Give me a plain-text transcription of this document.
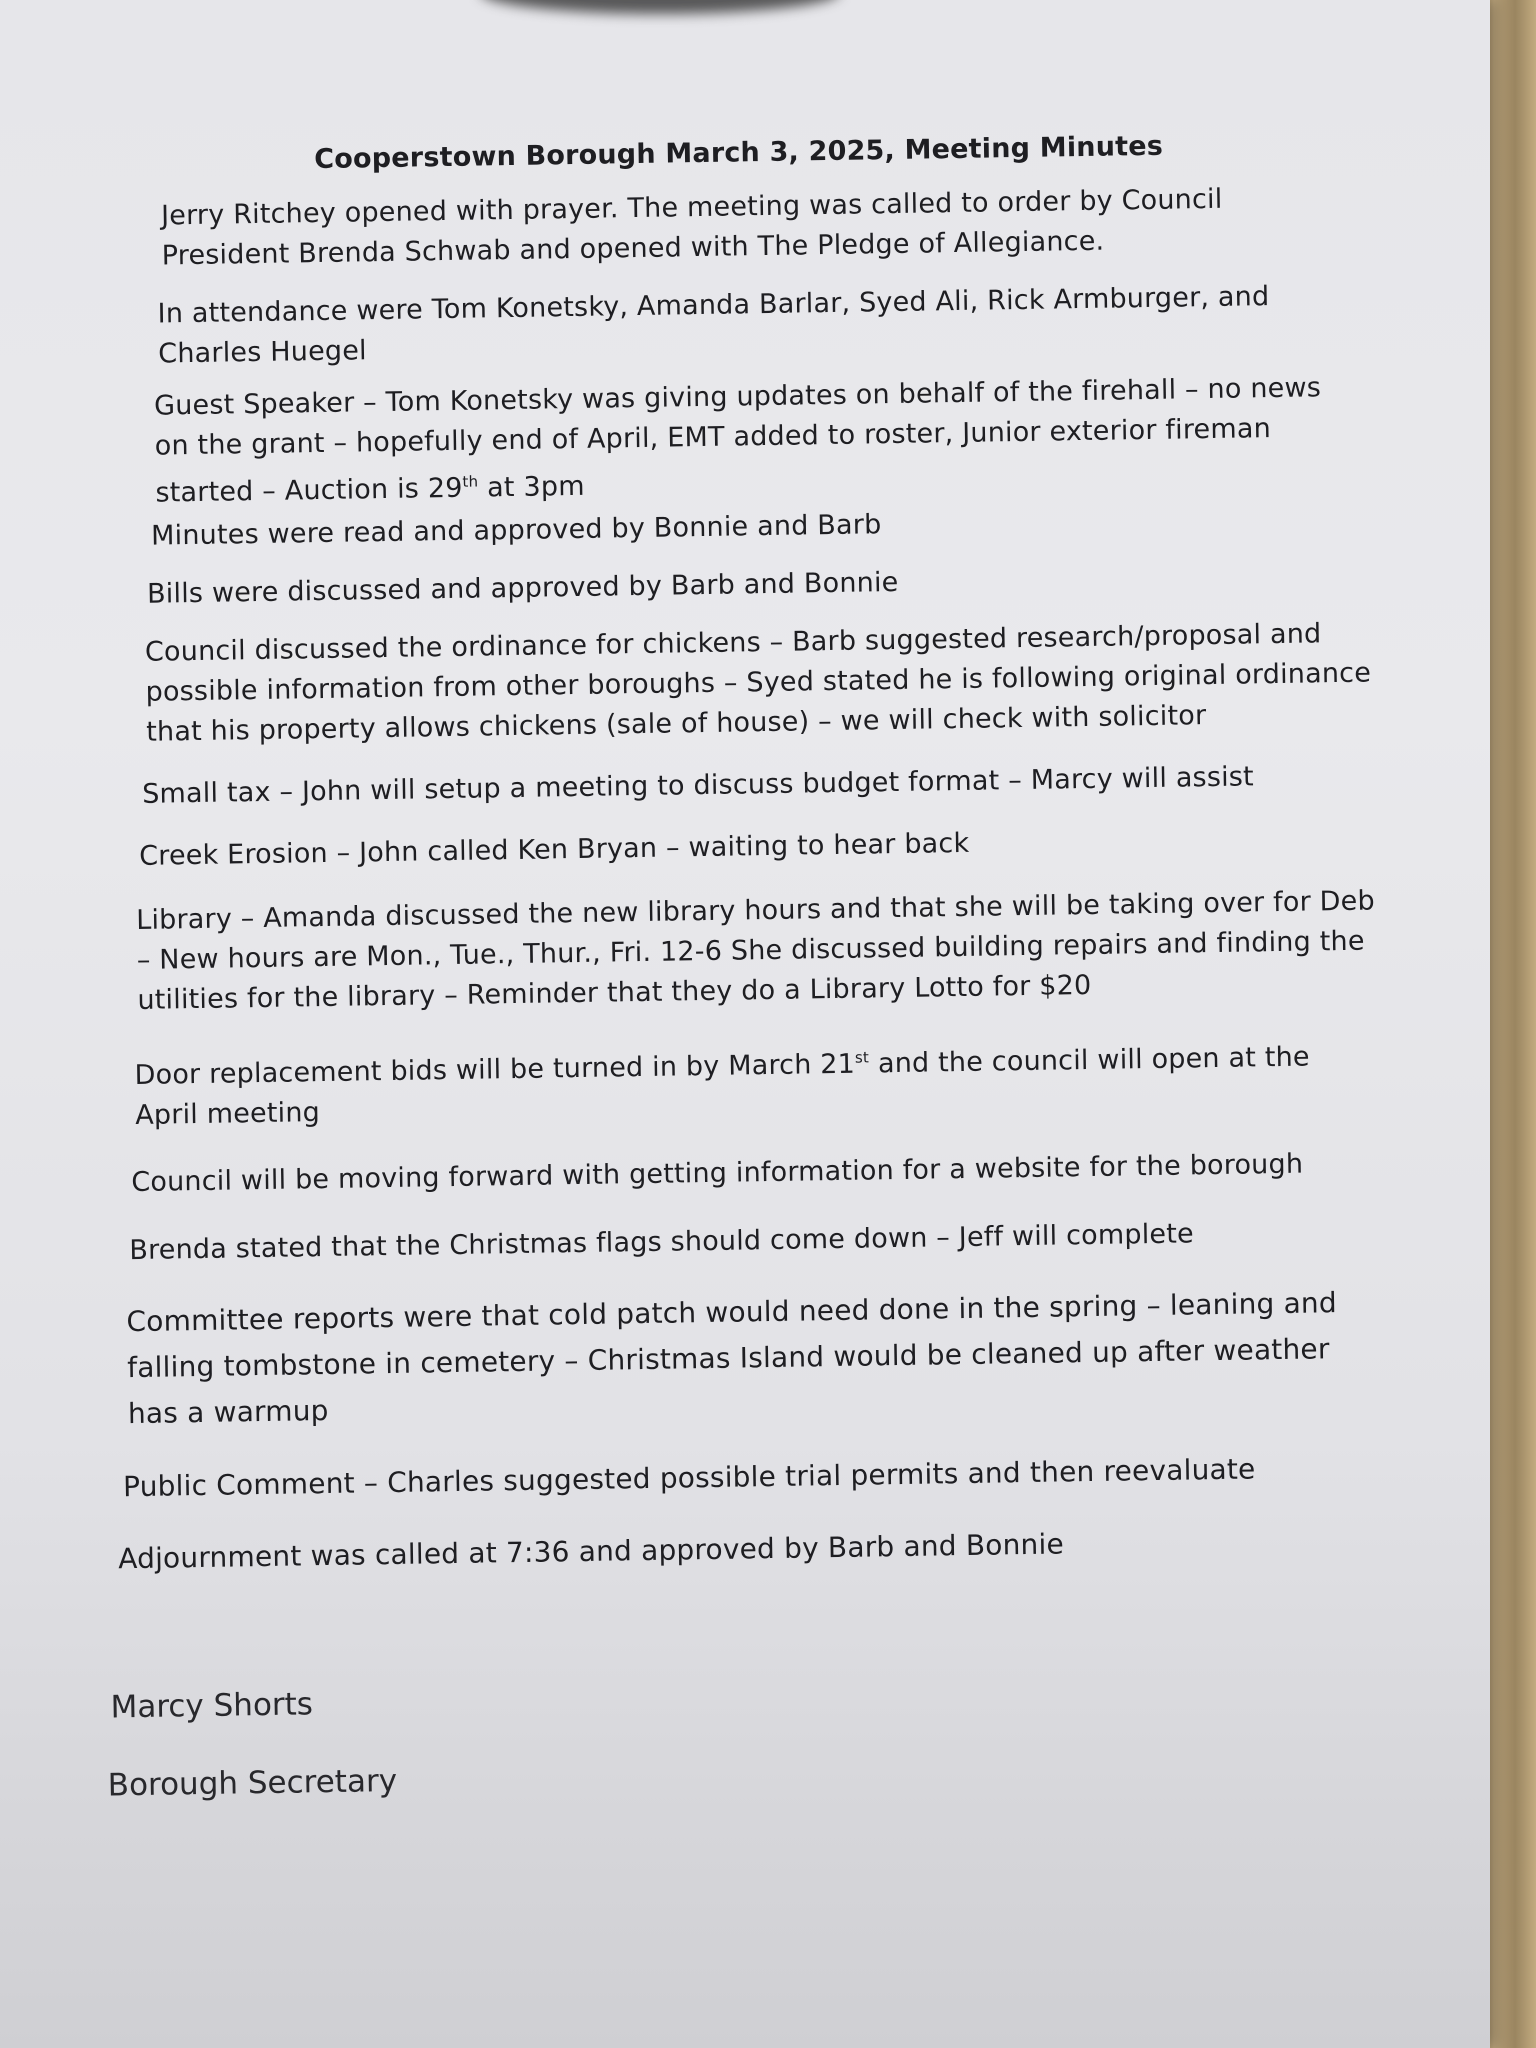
Cooperstown Borough March 3, 2025, Meeting Minutes
Jerry Ritchey opened with prayer. The meeting was called to order by Council President Brenda Schwab and opened with The Pledge of Allegiance.
In attendance were Tom Konetsky, Amanda Barlar, Syed Ali, Rick Armburger, and Charles Huegel
Guest Speaker – Tom Konetsky was giving updates on behalf of the firehall – no news on the grant – hopefully end of April, EMT added to roster, Junior exterior fireman started – Auction is 29th at 3pm
Minutes were read and approved by Bonnie and Barb
Bills were discussed and approved by Barb and Bonnie
Council discussed the ordinance for chickens – Barb suggested research/proposal and possible information from other boroughs – Syed stated he is following original ordinance that his property allows chickens (sale of house) – we will check with solicitor
Small tax – John will setup a meeting to discuss budget format – Marcy will assist
Creek Erosion – John called Ken Bryan – waiting to hear back
Library – Amanda discussed the new library hours and that she will be taking over for Deb – New hours are Mon., Tue., Thur., Fri. 12-6 She discussed building repairs and finding the utilities for the library – Reminder that they do a Library Lotto for $20
Door replacement bids will be turned in by March 21st and the council will open at the April meeting
Council will be moving forward with getting information for a website for the borough
Brenda stated that the Christmas flags should come down – Jeff will complete
Committee reports were that cold patch would need done in the spring – leaning and falling tombstone in cemetery – Christmas Island would be cleaned up after weather has a warmup
Public Comment – Charles suggested possible trial permits and then reevaluate
Adjournment was called at 7:36 and approved by Barb and Bonnie
Marcy Shorts
Borough Secretary
